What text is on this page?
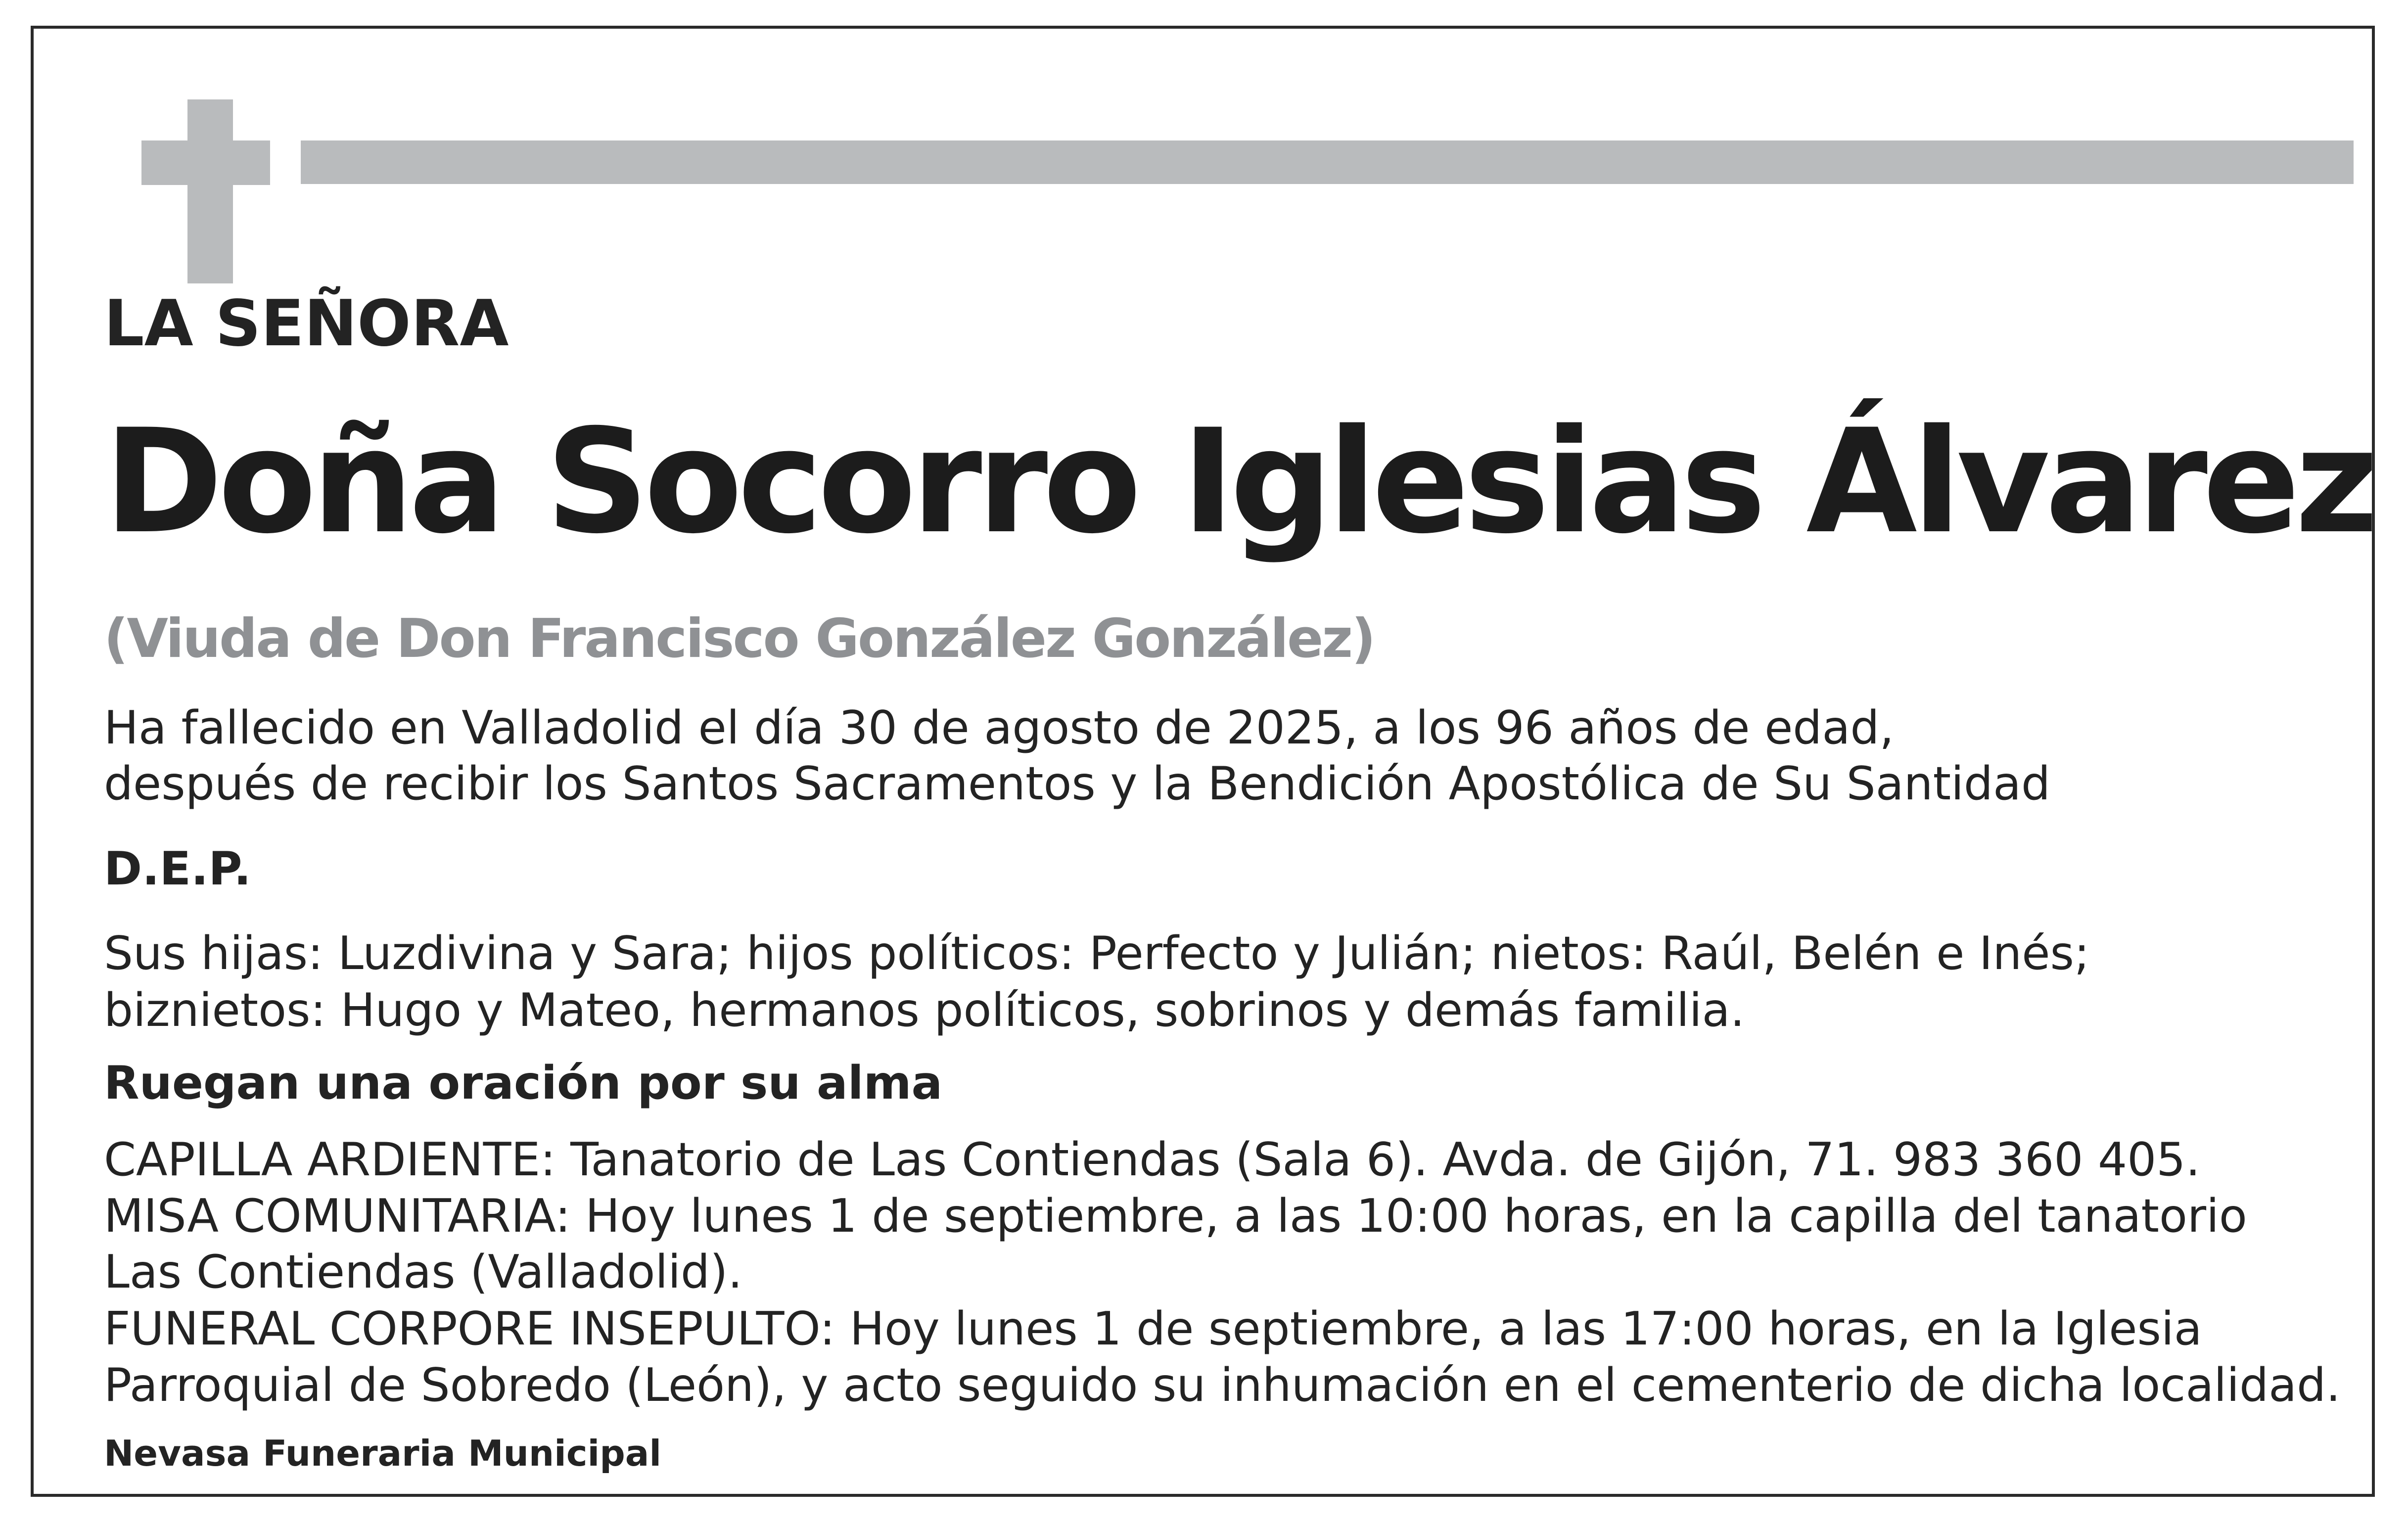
LA SEÑORA

Doña Socorro Iglesias Álvarez

(Viuda de Don Francisco González González)

Ha fallecido en Valladolid el día 30 de agosto de 2025, a los 96 años de edad,

después de recibir los Santos Sacramentos y la Bendición Apostólica de Su Santidad

D.E.P.

Sus hijas: Luzdivina y Sara; hijos políticos: Perfecto y Julián; nietos: Raúl, Belén e Inés;

biznietos: Hugo y Mateo, hermanos políticos, sobrinos y demás familia.

Ruegan una oración por su alma

CAPILLA ARDIENTE: Tanatorio de Las Contiendas (Sala 6). Avda. de Gijón, 71. 983 360 405.

MISA COMUNITARIA: Hoy lunes 1 de septiembre, a las 10:00 horas, en la capilla del tanatorio

Las Contiendas (Valladolid).

FUNERAL CORPORE INSEPULTO: Hoy lunes 1 de septiembre, a las 17:00 horas, en la Iglesia

Parroquial de Sobredo (León), y acto seguido su inhumación en el cementerio de dicha localidad.

Nevasa Funeraria Municipal
